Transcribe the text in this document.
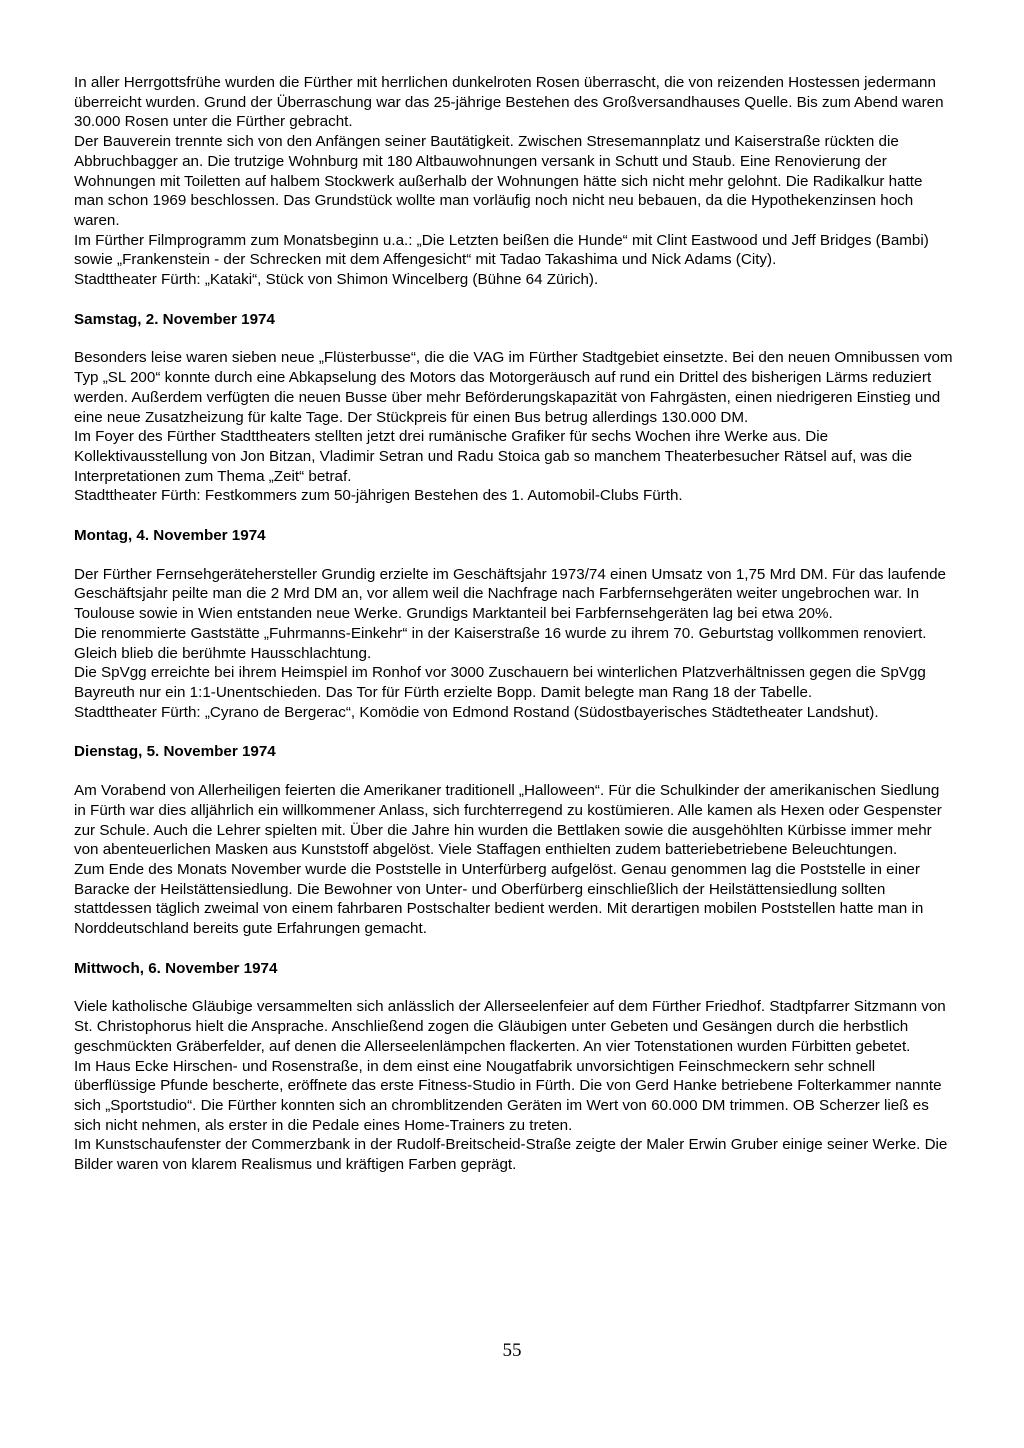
In aller Herrgottsfrühe wurden die Fürther mit herrlichen dunkelroten Rosen überrascht, die von reizenden Hostessen jedermann überreicht wurden. Grund der Überraschung war das 25-jährige Bestehen des Großversandhauses Quelle. Bis zum Abend waren 30.000 Rosen unter die Fürther gebracht.

Der Bauverein trennte sich von den Anfängen seiner Bautätigkeit. Zwischen Stresemannplatz und Kaiserstraße rückten die Abbruchbagger an. Die trutzige Wohnburg mit 180 Altbauwohnungen versank in Schutt und Staub. Eine Renovierung der Wohnungen mit Toiletten auf halbem Stockwerk außerhalb der Wohnungen hätte sich nicht mehr gelohnt. Die Radikalkur hatte man schon 1969 beschlossen. Das Grundstück wollte man vorläufig noch nicht neu bebauen, da die Hypothekenzinsen hoch waren.

Im Fürther Filmprogramm zum Monatsbeginn u.a.: „Die Letzten beißen die Hunde“ mit Clint Eastwood und Jeff Bridges (Bambi) sowie „Frankenstein - der Schrecken mit dem Affengesicht“ mit Tadao Takashima und Nick Adams (City).

Stadttheater Fürth: „Kataki“, Stück von Shimon Wincelberg (Bühne 64 Zürich).

Samstag, 2. November 1974

Besonders leise waren sieben neue „Flüsterbusse“, die die VAG im Fürther Stadtgebiet einsetzte. Bei den neuen Omnibussen vom Typ „SL 200“ konnte durch eine Abkapselung des Motors das Motorgeräusch auf rund ein Drittel des bisherigen Lärms reduziert werden. Außerdem verfügten die neuen Busse über mehr Beförderungskapazität von Fahrgästen, einen niedrigeren Einstieg und eine neue Zusatzheizung für kalte Tage. Der Stückpreis für einen Bus betrug allerdings 130.000 DM.

Im Foyer des Fürther Stadttheaters stellten jetzt drei rumänische Grafiker für sechs Wochen ihre Werke aus. Die Kollektivausstellung von Jon Bitzan, Vladimir Setran und Radu Stoica gab so manchem Theaterbesucher Rätsel auf, was die Interpretationen zum Thema „Zeit“ betraf.

Stadttheater Fürth: Festkommers zum 50-jährigen Bestehen des 1. Automobil-Clubs Fürth.

Montag, 4. November 1974

Der Fürther Fernsehgerätehersteller Grundig erzielte im Geschäftsjahr 1973/74 einen Umsatz von 1,75 Mrd DM. Für das laufende Geschäftsjahr peilte man die 2 Mrd DM an, vor allem weil die Nachfrage nach Farbfernsehgeräten weiter ungebrochen war. In Toulouse sowie in Wien entstanden neue Werke. Grundigs Marktanteil bei Farbfernsehgeräten lag bei etwa 20%.

Die renommierte Gaststätte „Fuhrmanns-Einkehr“ in der Kaiserstraße 16 wurde zu ihrem 70. Geburtstag vollkommen renoviert. Gleich blieb die berühmte Hausschlachtung.

Die SpVgg erreichte bei ihrem Heimspiel im Ronhof vor 3000 Zuschauern bei winterlichen Platzverhältnissen gegen die SpVgg Bayreuth nur ein 1:1-Unentschieden. Das Tor für Fürth erzielte Bopp. Damit belegte man Rang 18 der Tabelle.

Stadttheater Fürth: „Cyrano de Bergerac“, Komödie von Edmond Rostand (Südostbayerisches Städtetheater Landshut).

Dienstag, 5. November 1974

Am Vorabend von Allerheiligen feierten die Amerikaner traditionell „Halloween“. Für die Schulkinder der amerikanischen Siedlung in Fürth war dies alljährlich ein willkommener Anlass, sich furchterregend zu kostümieren. Alle kamen als Hexen oder Gespenster zur Schule. Auch die Lehrer spielten mit. Über die Jahre hin wurden die Bettlaken sowie die ausgehöhlten Kürbisse immer mehr von abenteuerlichen Masken aus Kunststoff abgelöst. Viele Staffagen enthielten zudem batteriebetriebene Beleuchtungen.

Zum Ende des Monats November wurde die Poststelle in Unterfürberg aufgelöst. Genau genommen lag die Poststelle in einer Baracke der Heilstättensiedlung. Die Bewohner von Unter- und Oberfürberg einschließlich der Heilstättensiedlung sollten stattdessen täglich zweimal von einem fahrbaren Postschalter bedient werden. Mit derartigen mobilen Poststellen hatte man in Norddeutschland bereits gute Erfahrungen gemacht.

Mittwoch, 6. November 1974

Viele katholische Gläubige versammelten sich anlässlich der Allerseelenfeier auf dem Fürther Friedhof. Stadtpfarrer Sitzmann von St. Christophorus hielt die Ansprache. Anschließend zogen die Gläubigen unter Gebeten und Gesängen durch die herbstlich geschmückten Gräberfelder, auf denen die Allerseelenlämpchen flackerten. An vier Totenstationen wurden Fürbitten gebetet.

Im Haus Ecke Hirschen- und Rosenstraße, in dem einst eine Nougatfabrik unvorsichtigen Feinschmeckern sehr schnell überflüssige Pfunde bescherte, eröffnete das erste Fitness-Studio in Fürth. Die von Gerd Hanke betriebene Folterkammer nannte sich „Sportstudio“. Die Fürther konnten sich an chromblitzenden Geräten im Wert von 60.000 DM trimmen. OB Scherzer ließ es sich nicht nehmen, als erster in die Pedale eines Home-Trainers zu treten.

Im Kunstschaufenster der Commerzbank in der Rudolf-Breitscheid-Straße zeigte der Maler Erwin Gruber einige seiner Werke. Die Bilder waren von klarem Realismus und kräftigen Farben geprägt.

55
